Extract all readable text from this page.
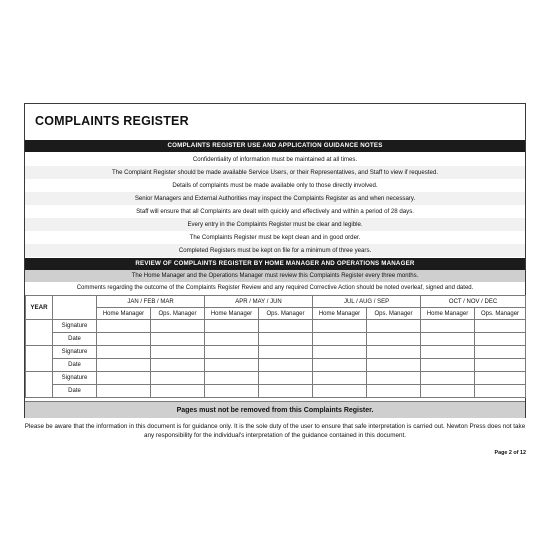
COMPLAINTS REGISTER
COMPLAINTS REGISTER USE AND APPLICATION GUIDANCE NOTES
Confidentiality of information must be maintained at all times.
The Complaint Register should be made available Service Users, or their Representatives, and Staff to view if requested.
Details of complaints must be made available only to those directly involved.
Senior Managers and External Authorities may inspect the Complaints Register as and when necessary.
Staff will ensure that all Complaints are dealt with quickly and effectively and within a period of 28 days.
Every entry in the Complaints Register must be clear and legible.
The Complaints Register must be kept clean and in good order.
Completed Registers must be kept on file for a minimum of three years.
REVIEW OF COMPLAINTS REGISTER BY HOME MANAGER AND OPERATIONS MANAGER
The Home Manager and the Operations Manager must review this Complaints Register every three months.
Comments regarding the outcome of the Complaints Register Review and any required Corrective Action should be noted overleaf, signed and dated.
YEAR		JAN / FEB / MAR		APR / MAY / JUN		JUL / AUG / SEP		OCT / NOV / DEC	
		Home Manager	Ops. Manager	Home Manager	Ops. Manager	Home Manager	Ops. Manager	Home Manager	Ops. Manager
	Signature								
	Date								
	Signature								
	Date								
	Signature								
	Date								
Pages must not be removed from this Complaints Register.
Please be aware that the information in this document is for guidance only. It is the sole duty of the user to ensure that safe interpretation is carried out. Newton Press does not take any responsibility for the individual's interpretation of the guidance contained in this document.
Page 2 of 12
